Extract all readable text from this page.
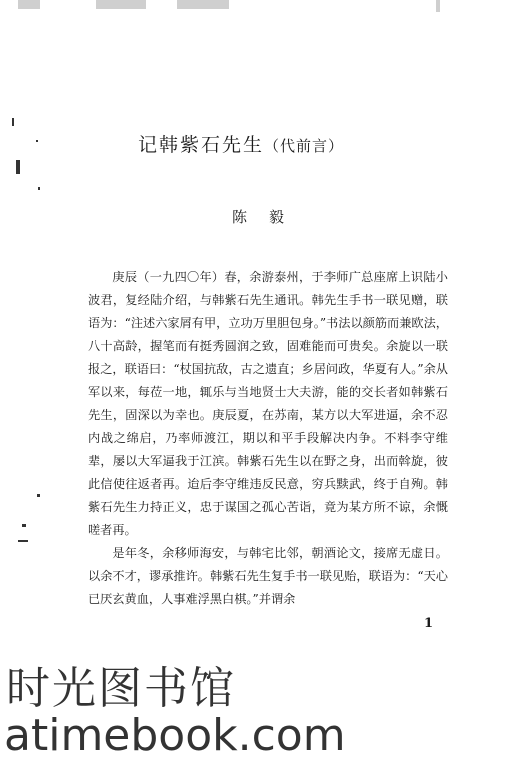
记韩紫石先生（代前言）
陈毅

庚辰（一九四〇年）春，余游泰州，于李师广总座席上识陆小波君，复经陆介绍，与韩紫石先生通讯。韩先生手书一联见赠，联语为：“注述六家屑有甲，立功万里胆包身。”书法以颜筋而兼欧法，八十高龄，握笔而有挺秀圆润之致，固难能而可贵矣。余旋以一联报之，联语曰：“杖国抗敌，古之遗直；乡居问政，华夏有人。”余从军以来，每莅一地，辄乐与当地贤士大夫游，能的交长者如韩紫石先生，固深以为幸也。庚辰夏，在苏南，某方以大军进逼，余不忍内战之绵启，乃率师渡江，期以和平手段解决内争。不料李守维辈，屡以大军逼我于江滨。韩紫石先生以在野之身，出而斡旋，彼此信使往返者再。迨后李守维违反民意，穷兵黩武，终于自殉。韩紫石先生力持正义，忠于谋国之孤心苦诣，竟为某方所不谅，余慨嗟者再。

是年冬，余移师海安，与韩宅比邻，朝酒论文，接席无虚日。以余不才，谬承推许。韩紫石先生复手书一联见贻，联语为：“天心已厌玄黄血，人事难浮黑白棋。”并谓余

1
时光图书馆
atimebook.com
